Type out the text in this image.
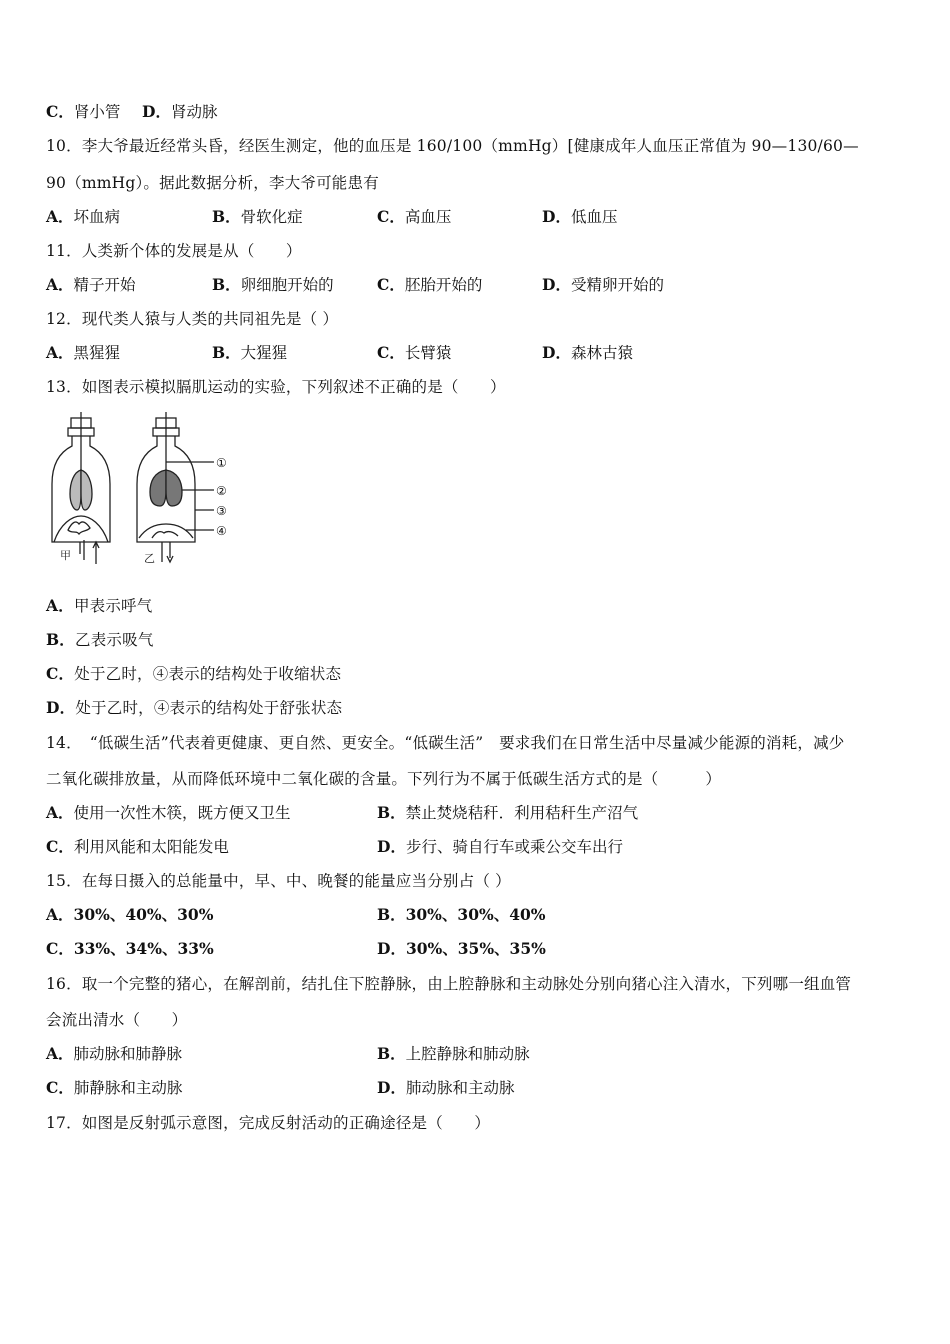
C．肾小管 D．肾动脉
10．李大爷最近经常头昏，经医生测定，他的血压是 160/100（mmHg）[健康成年人血压正常值为 90—130/60—
90（mmHg）。据此数据分析，李大爷可能患有
A．坏血病	B．骨软化症	C．高血压	D．低血压
11．人类新个体的发展是从（　　）
A．精子开始	B．卵细胞开始的	C．胚胎开始的	D．受精卵开始的
12．现代类人猿与人类的共同祖先是（ ）
A．黑猩猩	B．大猩猩	C．长臂猿	D．森林古猿
13．如图表示模拟膈肌运动的实验，下列叙述不正确的是（　　）
甲	乙
①
②
③
④
A．甲表示呼气
B．乙表示吸气
C．处于乙时，④表示的结构处于收缩状态
D．处于乙时，④表示的结构处于舒张状态
14．　“低碳生活”代表着更健康、更自然、更安全。“低碳生活”　要求我们在日常生活中尽量减少能源的消耗，减少
二氧化碳排放量，从而降低环境中二氧化碳的含量。下列行为不属于低碳生活方式的是（　　　）
A．使用一次性木筷，既方便又卫生	B．禁止焚烧秸秆．利用秸秆生产沼气
C．利用风能和太阳能发电	D．步行、骑自行车或乘公交车出行
15．在每日摄入的总能量中，早、中、晚餐的能量应当分别占（ ）
A．30%、40%、30%	B．30%、30%、40%
C．33%、34%、33%	D．30%、35%、35%
16．取一个完整的猪心，在解剖前，结扎住下腔静脉，由上腔静脉和主动脉处分别向猪心注入清水，下列哪一组血管
会流出清水（　　）
A．肺动脉和肺静脉	B．上腔静脉和肺动脉
C．肺静脉和主动脉	D．肺动脉和主动脉
17．如图是反射弧示意图，完成反射活动的正确途径是（　　）
